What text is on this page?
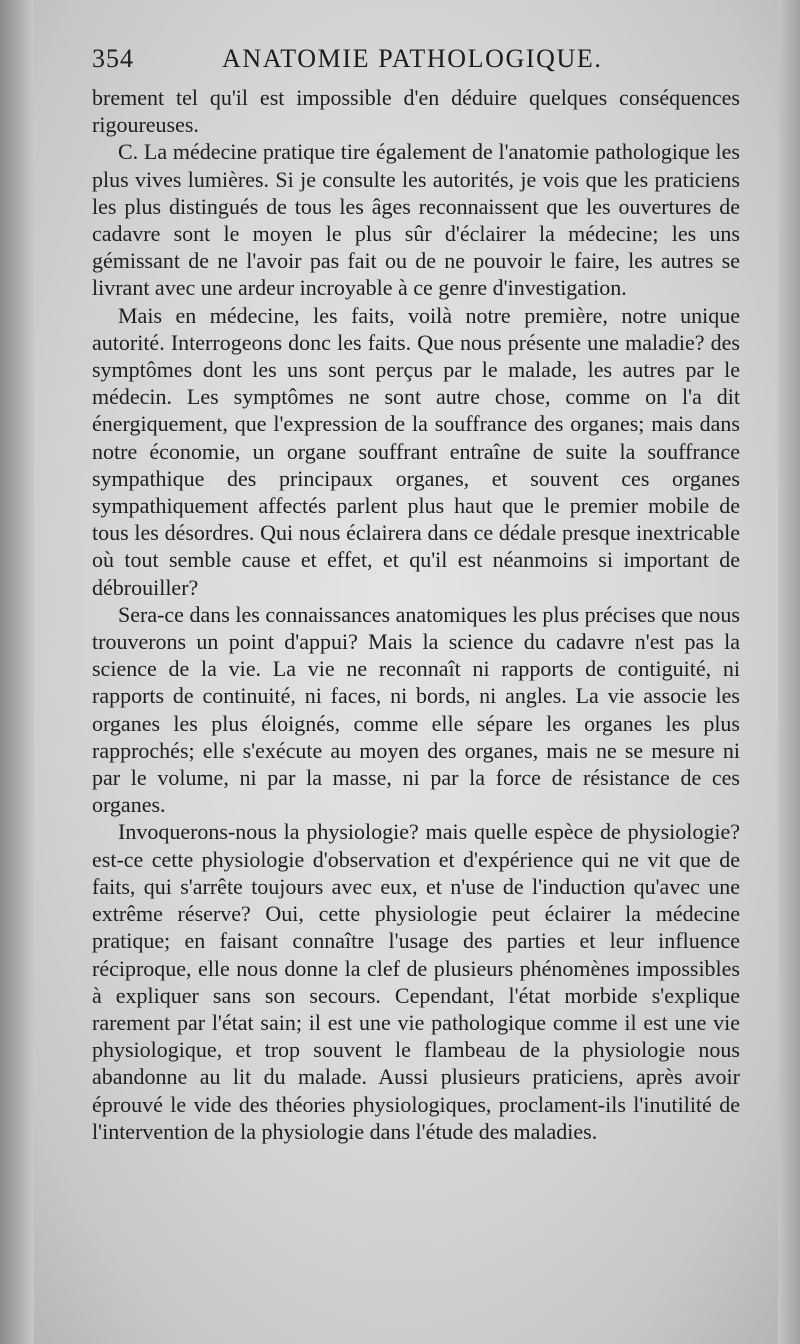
354	ANATOMIE PATHOLOGIQUE.

brement tel qu'il est impossible d'en déduire quelques conséquences rigoureuses.

C. La médecine pratique tire également de l'anatomie pathologique les plus vives lumières. Si je consulte les autorités, je vois que les praticiens les plus distingués de tous les âges reconnaissent que les ouvertures de cadavre sont le moyen le plus sûr d'éclairer la médecine; les uns gémissant de ne l'avoir pas fait ou de ne pouvoir le faire, les autres se livrant avec une ardeur incroyable à ce genre d'investigation.

Mais en médecine, les faits, voilà notre première, notre unique autorité. Interrogeons donc les faits. Que nous présente une maladie? des symptômes dont les uns sont perçus par le malade, les autres par le médecin. Les symptômes ne sont autre chose, comme on l'a dit énergiquement, que l'expression de la souffrance des organes; mais dans notre économie, un organe souffrant entraîne de suite la souffrance sympathique des principaux organes, et souvent ces organes sympathiquement affectés parlent plus haut que le premier mobile de tous les désordres. Qui nous éclairera dans ce dédale presque inextricable où tout semble cause et effet, et qu'il est néanmoins si important de débrouiller?

Sera-ce dans les connaissances anatomiques les plus précises que nous trouverons un point d'appui? Mais la science du cadavre n'est pas la science de la vie. La vie ne reconnaît ni rapports de contiguité, ni rapports de continuité, ni faces, ni bords, ni angles. La vie associe les organes les plus éloignés, comme elle sépare les organes les plus rapprochés; elle s'exécute au moyen des organes, mais ne se mesure ni par le volume, ni par la masse, ni par la force de résistance de ces organes.

Invoquerons-nous la physiologie? mais quelle espèce de physiologie? est-ce cette physiologie d'observation et d'expérience qui ne vit que de faits, qui s'arrête toujours avec eux, et n'use de l'induction qu'avec une extrême réserve? Oui, cette physiologie peut éclairer la médecine pratique; en faisant connaître l'usage des parties et leur influence réciproque, elle nous donne la clef de plusieurs phénomènes impossibles à expliquer sans son secours. Cependant, l'état morbide s'explique rarement par l'état sain; il est une vie pathologique comme il est une vie physiologique, et trop souvent le flambeau de la physiologie nous abandonne au lit du malade. Aussi plusieurs praticiens, après avoir éprouvé le vide des théories physiologiques, proclament-ils l'inutilité de l'intervention de la physiologie dans l'étude des maladies.
